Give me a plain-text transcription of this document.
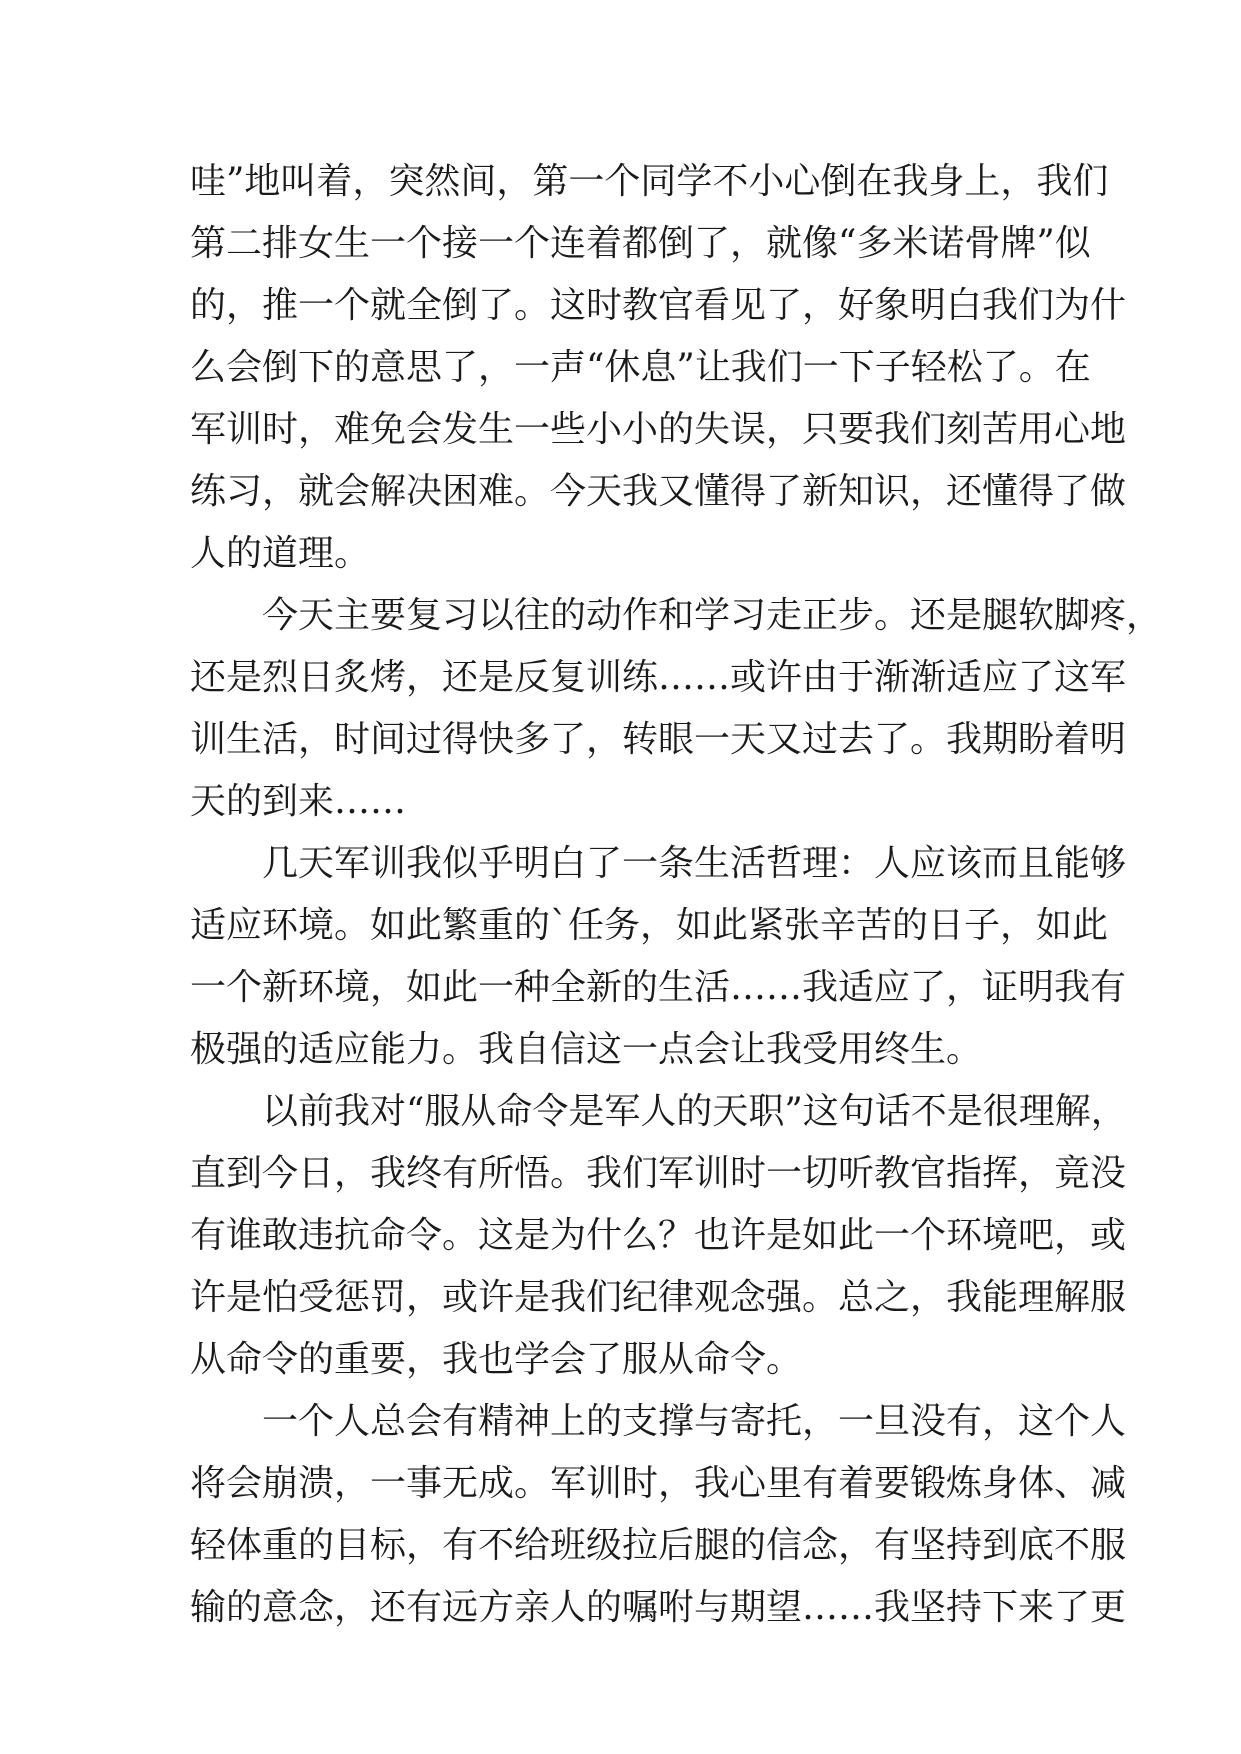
哇”地叫着，突然间，第一个同学不小心倒在我身上，我们
第二排女生一个接一个连着都倒了，就像“多米诺骨牌”似
的，推一个就全倒了。这时教官看见了，好象明白我们为什
么会倒下的意思了，一声“休息”让我们一下子轻松了。在
军训时，难免会发生一些小小的失误，只要我们刻苦用心地
练习，就会解决困难。今天我又懂得了新知识，还懂得了做
人的道理。
今天主要复习以往的动作和学习走正步。还是腿软脚疼，
还是烈日炙烤，还是反复训练……或许由于渐渐适应了这军
训生活，时间过得快多了，转眼一天又过去了。我期盼着明
天的到来……
几天军训我似乎明白了一条生活哲理：人应该而且能够
适应环境。如此繁重的`任务，如此紧张辛苦的日子，如此
一个新环境，如此一种全新的生活……我适应了，证明我有
极强的适应能力。我自信这一点会让我受用终生。
以前我对“服从命令是军人的天职”这句话不是很理解，
直到今日，我终有所悟。我们军训时一切听教官指挥，竟没
有谁敢违抗命令。这是为什么？也许是如此一个环境吧，或
许是怕受惩罚，或许是我们纪律观念强。总之，我能理解服
从命令的重要，我也学会了服从命令。
一个人总会有精神上的支撑与寄托，一旦没有，这个人
将会崩溃，一事无成。军训时，我心里有着要锻炼身体、减
轻体重的目标，有不给班级拉后腿的信念，有坚持到底不服
输的意念，还有远方亲人的嘱咐与期望……我坚持下来了更
